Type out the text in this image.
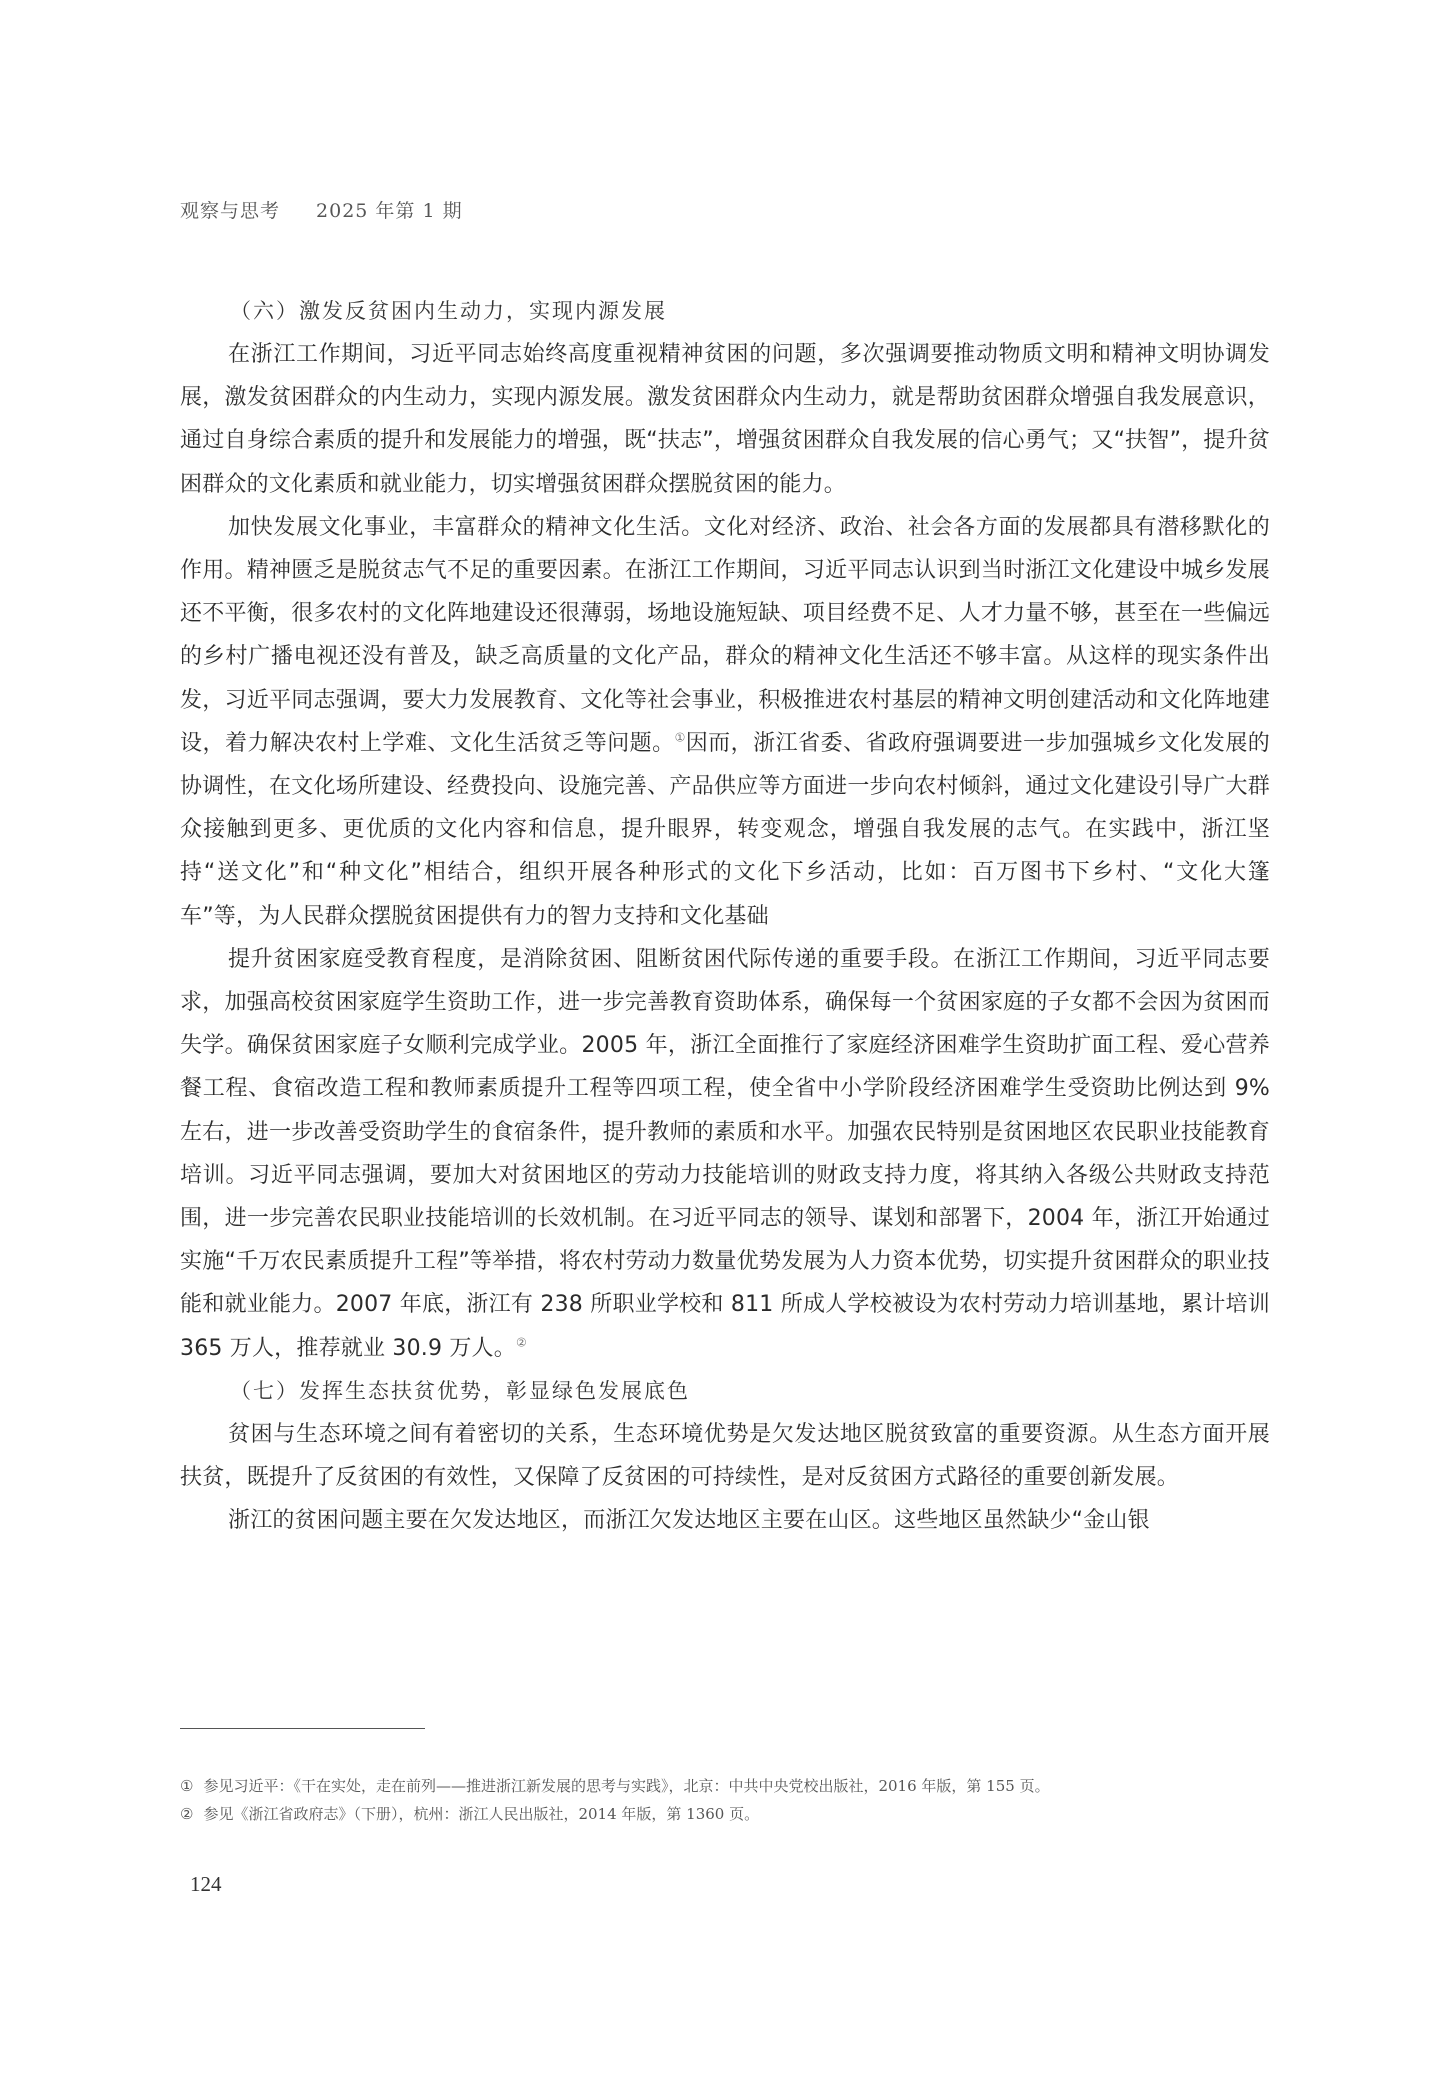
观察与思考 2025 年第 1 期
（六）激发反贫困内生动力，实现内源发展

在浙江工作期间，习近平同志始终高度重视精神贫困的问题，多次强调要推动物质文明和精神文明协调发展，激发贫困群众的内生动力，实现内源发展。激发贫困群众内生动力，就是帮助贫困群众增强自我发展意识，通过自身综合素质的提升和发展能力的增强，既“扶志”，增强贫困群众自我发展的信心勇气；又“扶智”，提升贫困群众的文化素质和就业能力，切实增强贫困群众摆脱贫困的能力。

加快发展文化事业，丰富群众的精神文化生活。文化对经济、政治、社会各方面的发展都具有潜移默化的作用。精神匮乏是脱贫志气不足的重要因素。在浙江工作期间，习近平同志认识到当时浙江文化建设中城乡发展还不平衡，很多农村的文化阵地建设还很薄弱，场地设施短缺、项目经费不足、人才力量不够，甚至在一些偏远的乡村广播电视还没有普及，缺乏高质量的文化产品，群众的精神文化生活还不够丰富。从这样的现实条件出发，习近平同志强调，要大力发展教育、文化等社会事业，积极推进农村基层的精神文明创建活动和文化阵地建设，着力解决农村上学难、文化生活贫乏等问题。①因而，浙江省委、省政府强调要进一步加强城乡文化发展的协调性，在文化场所建设、经费投向、设施完善、产品供应等方面进一步向农村倾斜，通过文化建设引导广大群众接触到更多、更优质的文化内容和信息，提升眼界，转变观念，增强自我发展的志气。在实践中，浙江坚持“送文化”和“种文化”相结合，组织开展各种形式的文化下乡活动，比如：百万图书下乡村、“文化大篷车”等，为人民群众摆脱贫困提供有力的智力支持和文化基础

提升贫困家庭受教育程度，是消除贫困、阻断贫困代际传递的重要手段。在浙江工作期间，习近平同志要求，加强高校贫困家庭学生资助工作，进一步完善教育资助体系，确保每一个贫困家庭的子女都不会因为贫困而失学。确保贫困家庭子女顺利完成学业。2005 年，浙江全面推行了家庭经济困难学生资助扩面工程、爱心营养餐工程、食宿改造工程和教师素质提升工程等四项工程，使全省中小学阶段经济困难学生受资助比例达到 9% 左右，进一步改善受资助学生的食宿条件，提升教师的素质和水平。加强农民特别是贫困地区农民职业技能教育培训。习近平同志强调，要加大对贫困地区的劳动力技能培训的财政支持力度，将其纳入各级公共财政支持范围，进一步完善农民职业技能培训的长效机制。在习近平同志的领导、谋划和部署下，2004 年，浙江开始通过实施“千万农民素质提升工程”等举措，将农村劳动力数量优势发展为人力资本优势，切实提升贫困群众的职业技能和就业能力。2007 年底，浙江有 238 所职业学校和 811 所成人学校被设为农村劳动力培训基地，累计培训 365 万人，推荐就业 30.9 万人。②

（七）发挥生态扶贫优势，彰显绿色发展底色

贫困与生态环境之间有着密切的关系，生态环境优势是欠发达地区脱贫致富的重要资源。从生态方面开展扶贫，既提升了反贫困的有效性，又保障了反贫困的可持续性，是对反贫困方式路径的重要创新发展。

浙江的贫困问题主要在欠发达地区，而浙江欠发达地区主要在山区。这些地区虽然缺少“金山银

① 参见习近平：《干在实处，走在前列——推进浙江新发展的思考与实践》，北京：中共中央党校出版社，2016 年版，第 155 页。
② 参见《浙江省政府志》（下册），杭州：浙江人民出版社，2014 年版，第 1360 页。
124
